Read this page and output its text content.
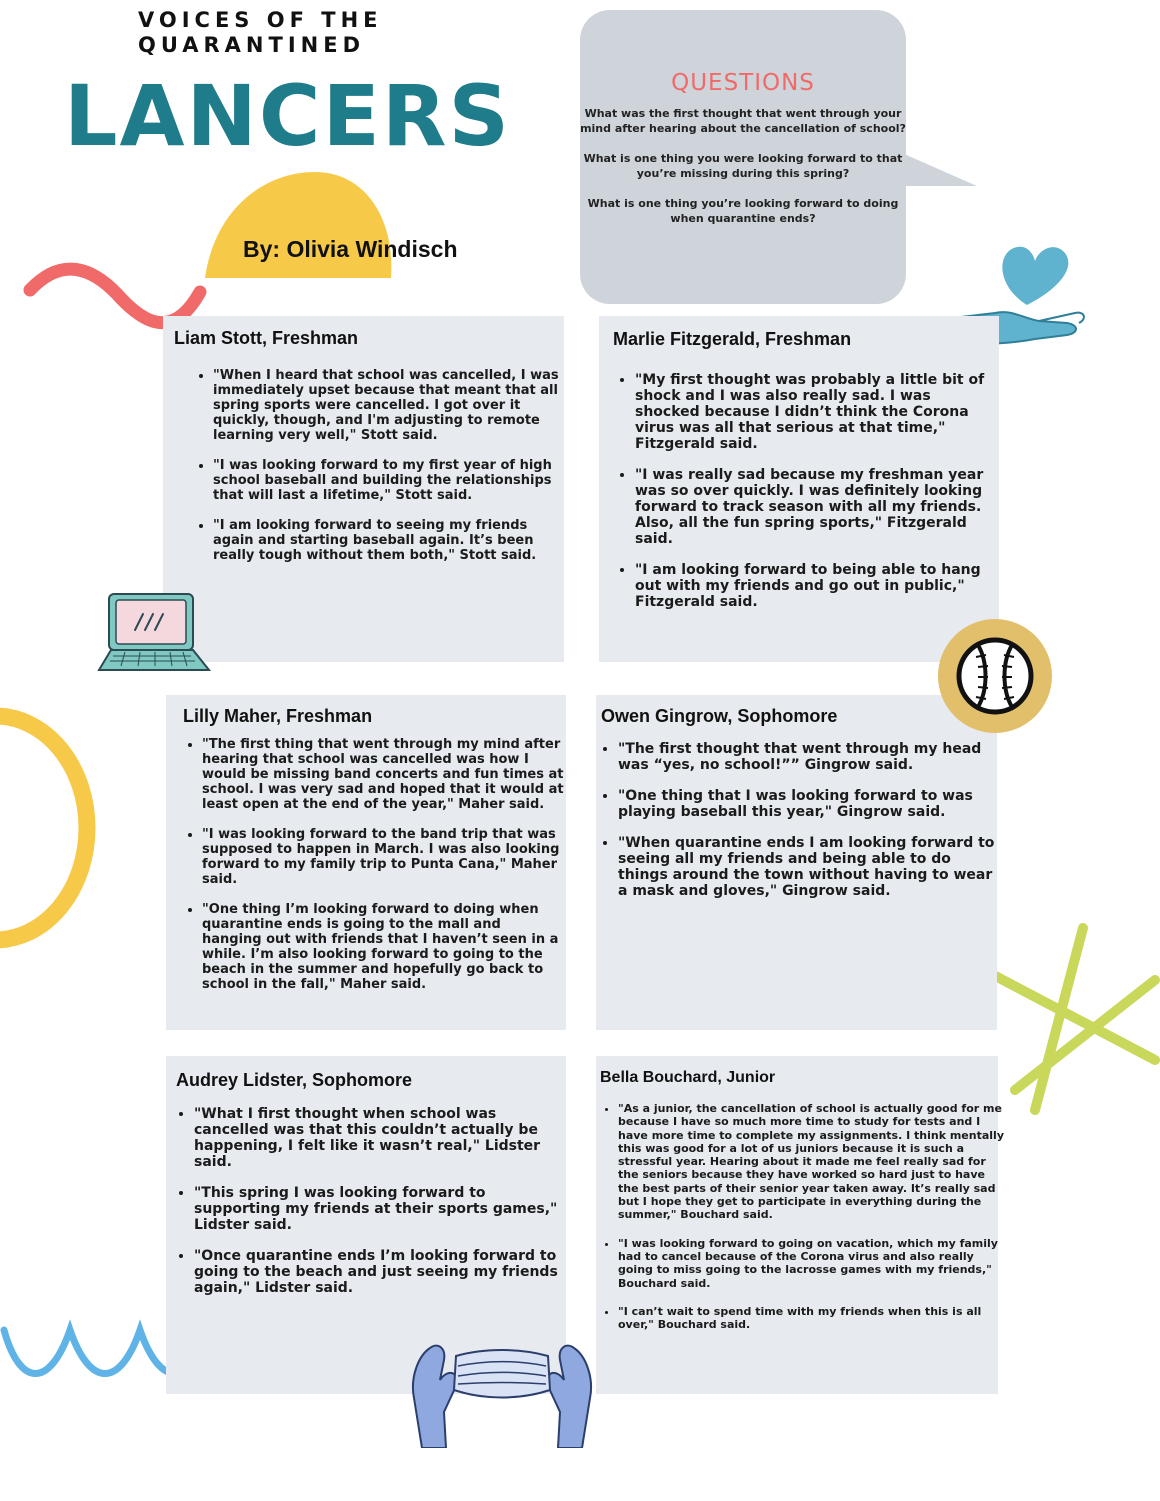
VOICES OF THE
QUARANTINED
LANCERS
By: Olivia Windisch
QUESTIONS
What was the first thought that went through your mind after hearing about the cancellation of school?
What is one thing you were looking forward to that you’re missing during this spring?
What is one thing you’re looking forward to doing when quarantine ends?
Liam Stott, Freshman
• "When I heard that school was cancelled, I was immediately upset because that meant that all spring sports were cancelled. I got over it quickly, though, and I'm adjusting to remote learning very well," Stott said.
• "I was looking forward to my first year of high school baseball and building the relationships that will last a lifetime," Stott said.
• "I am looking forward to seeing my friends again and starting baseball again. It’s been really tough without them both," Stott said.
Marlie Fitzgerald, Freshman
• "My first thought was probably a little bit of shock and I was also really sad. I was shocked because I didn’t think the Corona virus was all that serious at that time," Fitzgerald said.
• "I was really sad because my freshman year was so over quickly. I was definitely looking forward to track season with all my friends. Also, all the fun spring sports," Fitzgerald said.
• "I am looking forward to being able to hang out with my friends and go out in public," Fitzgerald said.
Lilly Maher, Freshman
• "The first thing that went through my mind after hearing that school was cancelled was how I would be missing band concerts and fun times at school. I was very sad and hoped that it would at least open at the end of the year," Maher said.
• "I was looking forward to the band trip that was supposed to happen in March. I was also looking forward to my family trip to Punta Cana," Maher said.
• "One thing I’m looking forward to doing when quarantine ends is going to the mall and hanging out with friends that I haven’t seen in a while. I’m also looking forward to going to the beach in the summer and hopefully go back to school in the fall," Maher said.
Owen Gingrow, Sophomore
• "The first thought that went through my head was “yes, no school!”” Gingrow said.
• "One thing that I was looking forward to was playing baseball this year," Gingrow said.
• "When quarantine ends I am looking forward to seeing all my friends and being able to do things around the town without having to wear a mask and gloves," Gingrow said.
Audrey Lidster, Sophomore
• "What I first thought when school was cancelled was that this couldn’t actually be happening, I felt like it wasn’t real," Lidster said.
• "This spring I was looking forward to supporting my friends at their sports games," Lidster said.
• "Once quarantine ends I’m looking forward to going to the beach and just seeing my friends again," Lidster said.
Bella Bouchard, Junior
• "As a junior, the cancellation of school is actually good for me because I have so much more time to study for tests and I have more time to complete my assignments. I think mentally this was good for a lot of us juniors because it is such a stressful year. Hearing about it made me feel really sad for the seniors because they have worked so hard just to have the best parts of their senior year taken away. It’s really sad but I hope they get to participate in everything during the summer," Bouchard said.
• "I was looking forward to going on vacation, which my family had to cancel because of the Corona virus and also really going to miss going to the lacrosse games with my friends," Bouchard said.
• "I can’t wait to spend time with my friends when this is all over," Bouchard said.
